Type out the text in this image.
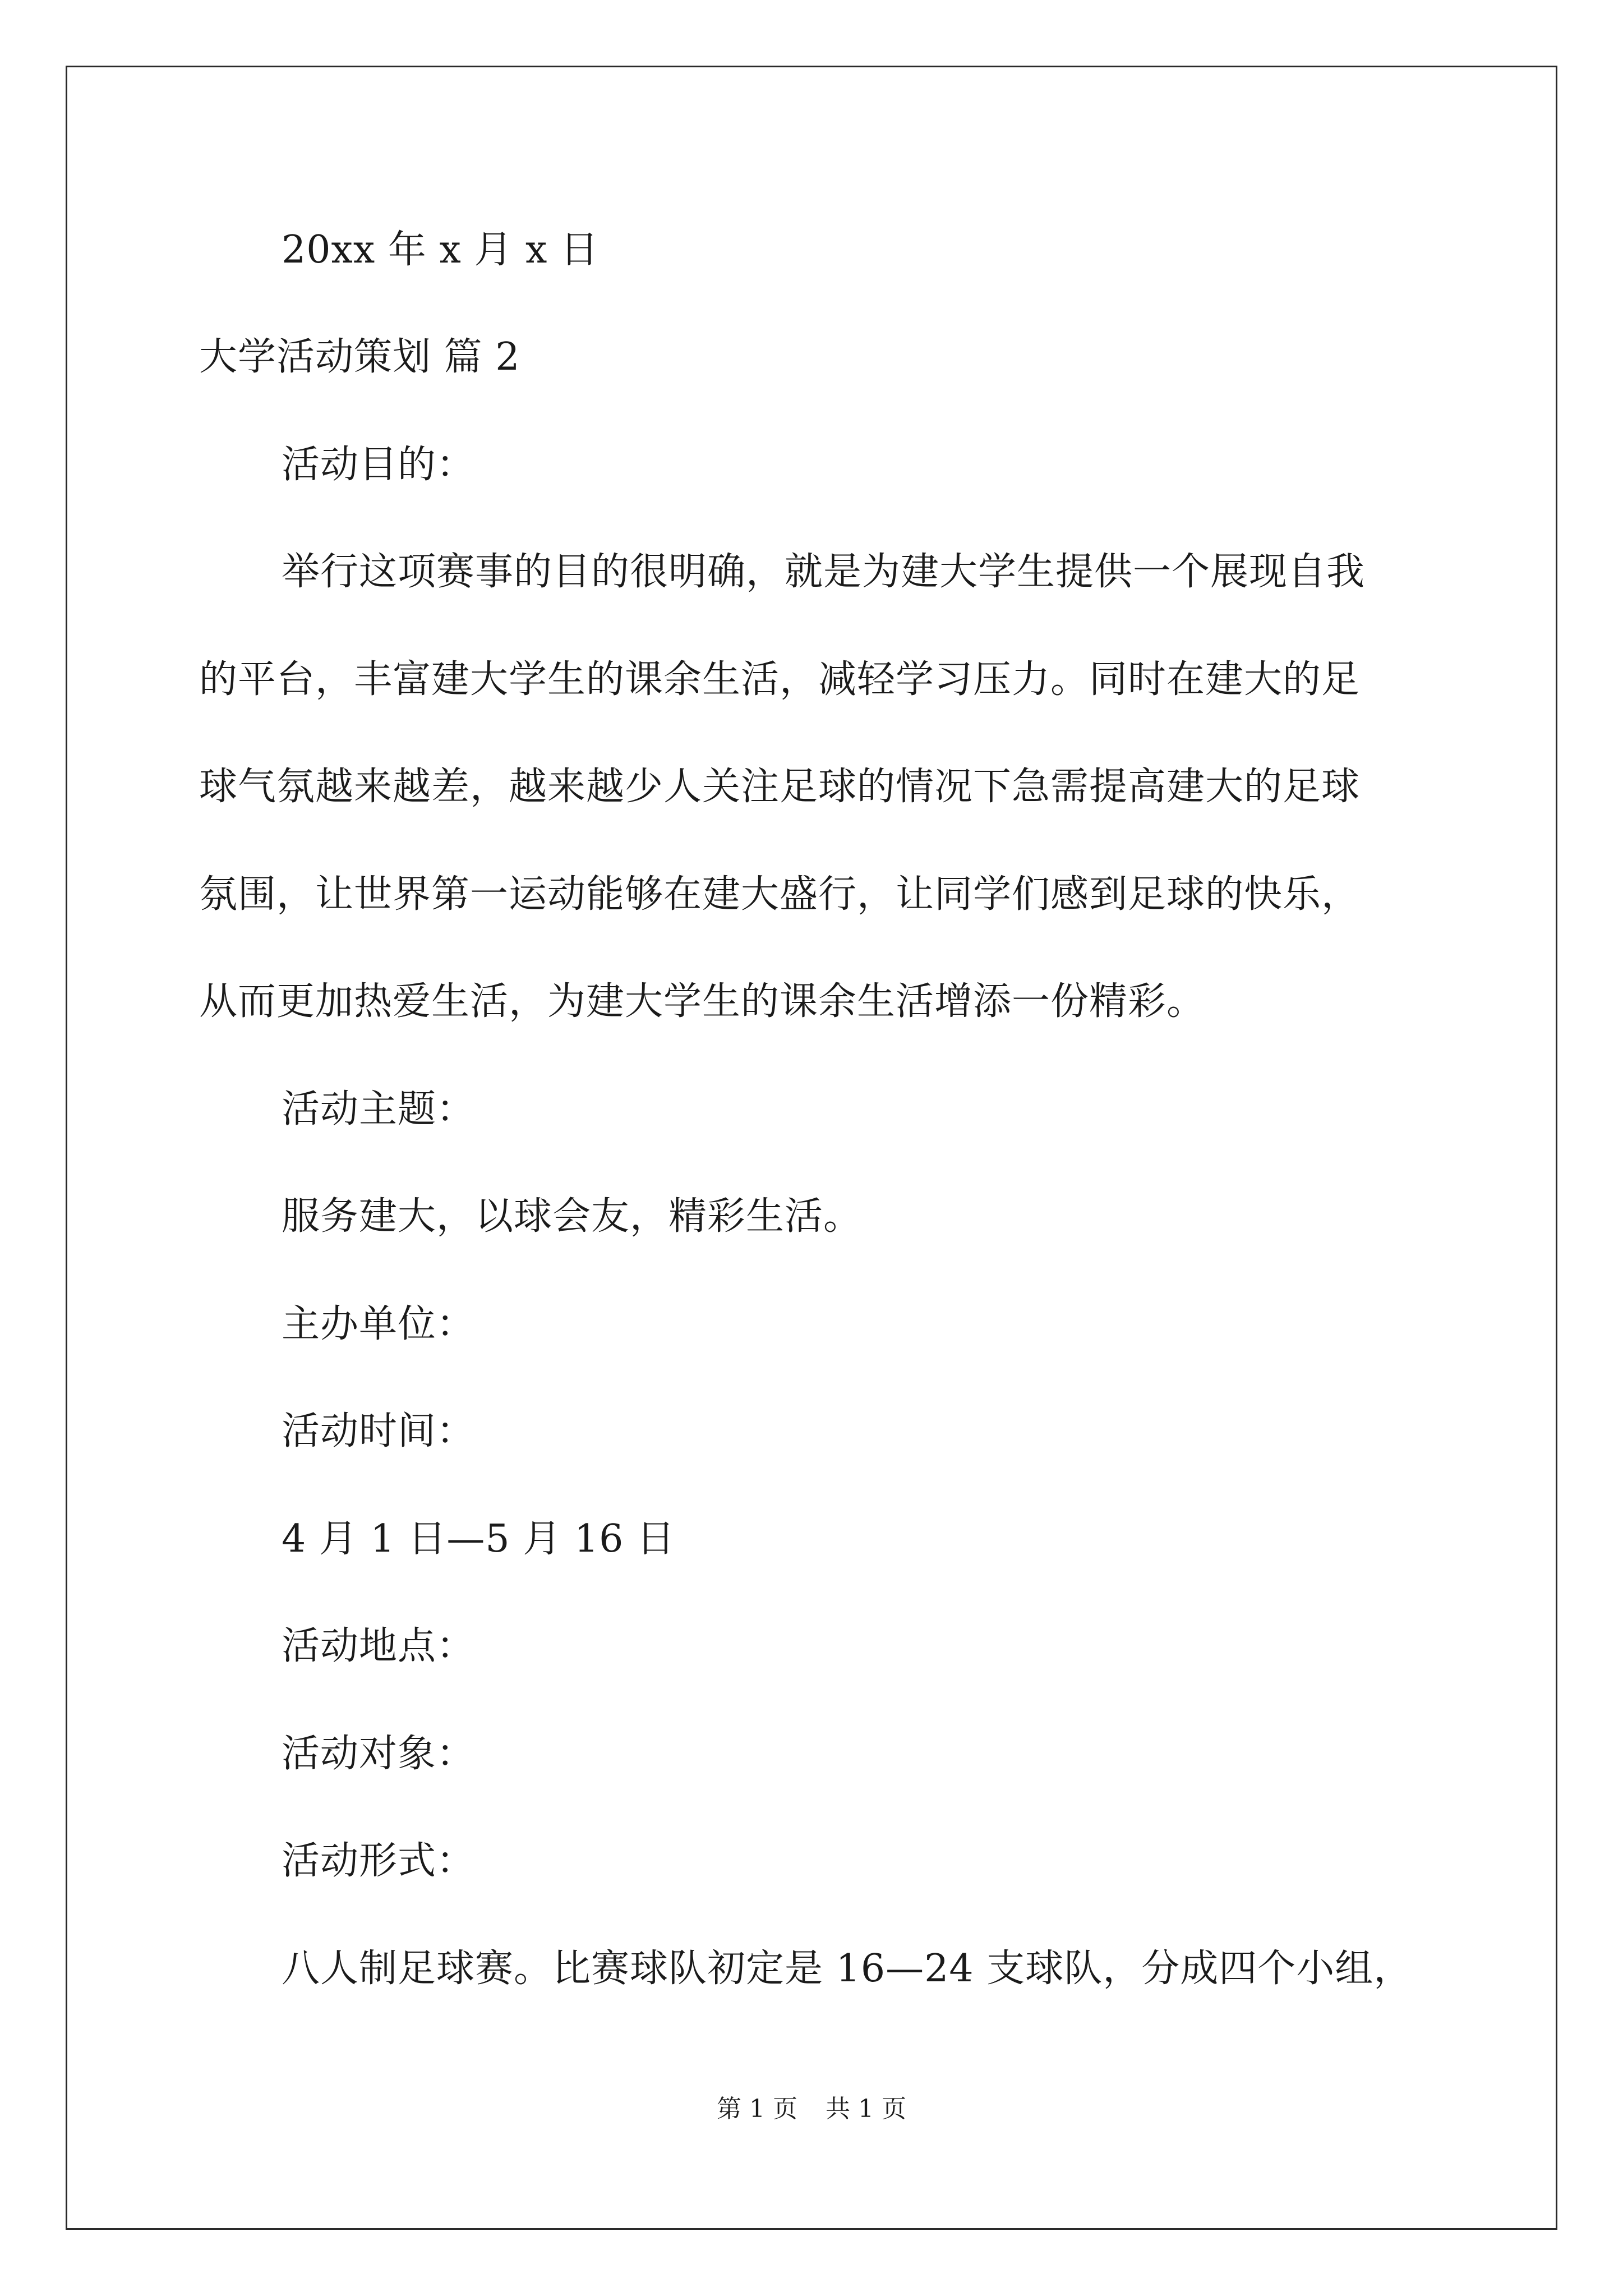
20xx 年 x 月 x 日
大学活动策划 篇 2
活动目的：
举行这项赛事的目的很明确，就是为建大学生提供一个展现自我
的平台，丰富建大学生的课余生活，减轻学习压力。同时在建大的足
球气氛越来越差，越来越少人关注足球的情况下急需提高建大的足球
氛围，让世界第一运动能够在建大盛行，让同学们感到足球的快乐，
从而更加热爱生活，为建大学生的课余生活增添一份精彩。
活动主题：
服务建大，以球会友，精彩生活。
主办单位：
活动时间：
4 月 1 日—5 月 16 日
活动地点：
活动对象：
活动形式：
八人制足球赛。比赛球队初定是 16—24 支球队，分成四个小组，
第 1 页 共 1 页
